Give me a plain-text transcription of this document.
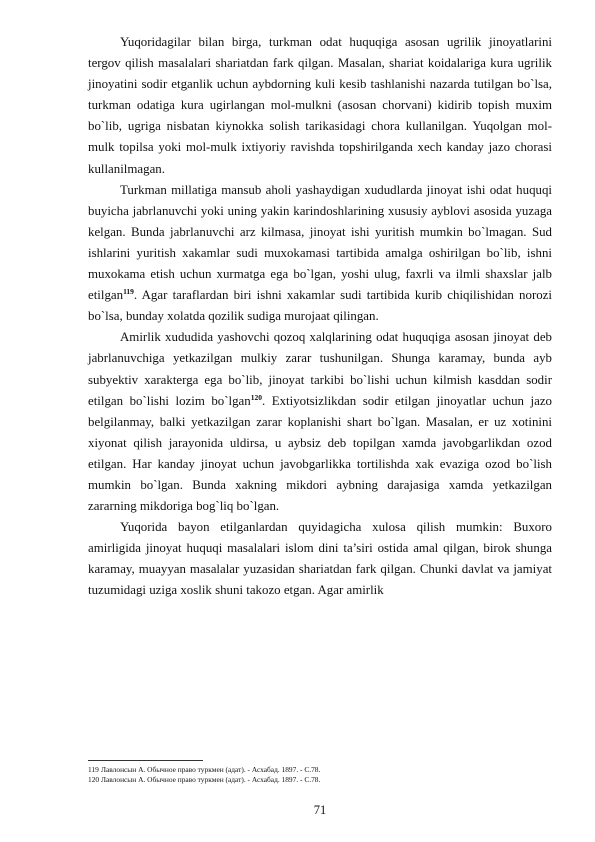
Yuqoridagilar bilan birga, turkman odat huquqiga asosan ugrilik jinoyatlarini tergov qilish masalalari shariatdan fark qilgan. Masalan, shariat koidalariga kura ugrilik jinoyatini sodir etganlik uchun aybdorning kuli kesib tashlanishi nazarda tutilgan bo`lsa, turkman odatiga kura ugirlangan mol-mulkni (asosan chorvani) kidirib topish muxim bo`lib, ugriga nisbatan kiynokka solish tarikasidagi chora kullanilgan. Yuqolgan mol-mulk topilsa yoki mol-mulk ixtiyoriy ravishda topshirilganda xech kanday jazo chorasi kullanilmagan.

Turkman millatiga mansub aholi yashaydigan xududlarda jinoyat ishi odat huquqi buyicha jabrlanuvchi yoki uning yakin karindoshlarining xususiy ayblovi asosida yuzaga kelgan. Bunda jabrlanuvchi arz kilmasa, jinoyat ishi yuritish mumkin bo`lmagan. Sud ishlarini yuritish xakamlar sudi muxokamasi tartibida amalga oshirilgan bo`lib, ishni muxokama etish uchun xurmatga ega bo`lgan, yoshi ulug, faxrli va ilmli shaxslar jalb etilgan$^{119}$. Agar taraflardan biri ishni xakamlar sudi tartibida kurib chiqilishidan norozi bo`lsa, bunday xolatda qozilik sudiga murojaat qilingan.

Amirlik xududida yashovchi qozoq xalqlarining odat huquqiga asosan jinoyat deb jabrlanuvchiga yetkazilgan mulkiy zarar tushunilgan. Shunga karamay, bunda ayb subyektiv xarakterga ega bo`lib, jinoyat tarkibi bo`lishi uchun kilmish kasddan sodir etilgan bo`lishi lozim bo`lgan$^{120}$. Extiyotsizlikdan sodir etilgan jinoyatlar uchun jazo belgilanmay, balki yetkazilgan zarar koplanishi shart bo`lgan. Masalan, er uz xotinini xiyonat qilish jarayonida uldirsa, u aybsiz deb topilgan xamda javobgarlikdan ozod etilgan. Har kanday jinoyat uchun javobgarlikka tortilishda xak evaziga ozod bo`lish mumkin bo`lgan. Bunda xakning mikdori aybning darajasiga xamda yetkazilgan zararning mikdoriga bog`liq bo`lgan.

Yuqorida bayon etilganlardan quyidagicha xulosa qilish mumkin: Buxoro amirligida jinoyat huquqi masalalari islom dini ta’siri ostida amal qilgan, birok shunga karamay, muayyan masalalar yuzasidan shariatdan fark qilgan. Chunki davlat va jamiyat tuzumidagi uziga xoslik shuni takozo etgan. Agar amirlik

119 Лавлонсын А. Обычное право туркмен (адат). - Асхабад. 1897. - С.78.
120 Лавлонсын А. Обычное право туркмен (адат). - Асхабад. 1897. - С.78.
71
